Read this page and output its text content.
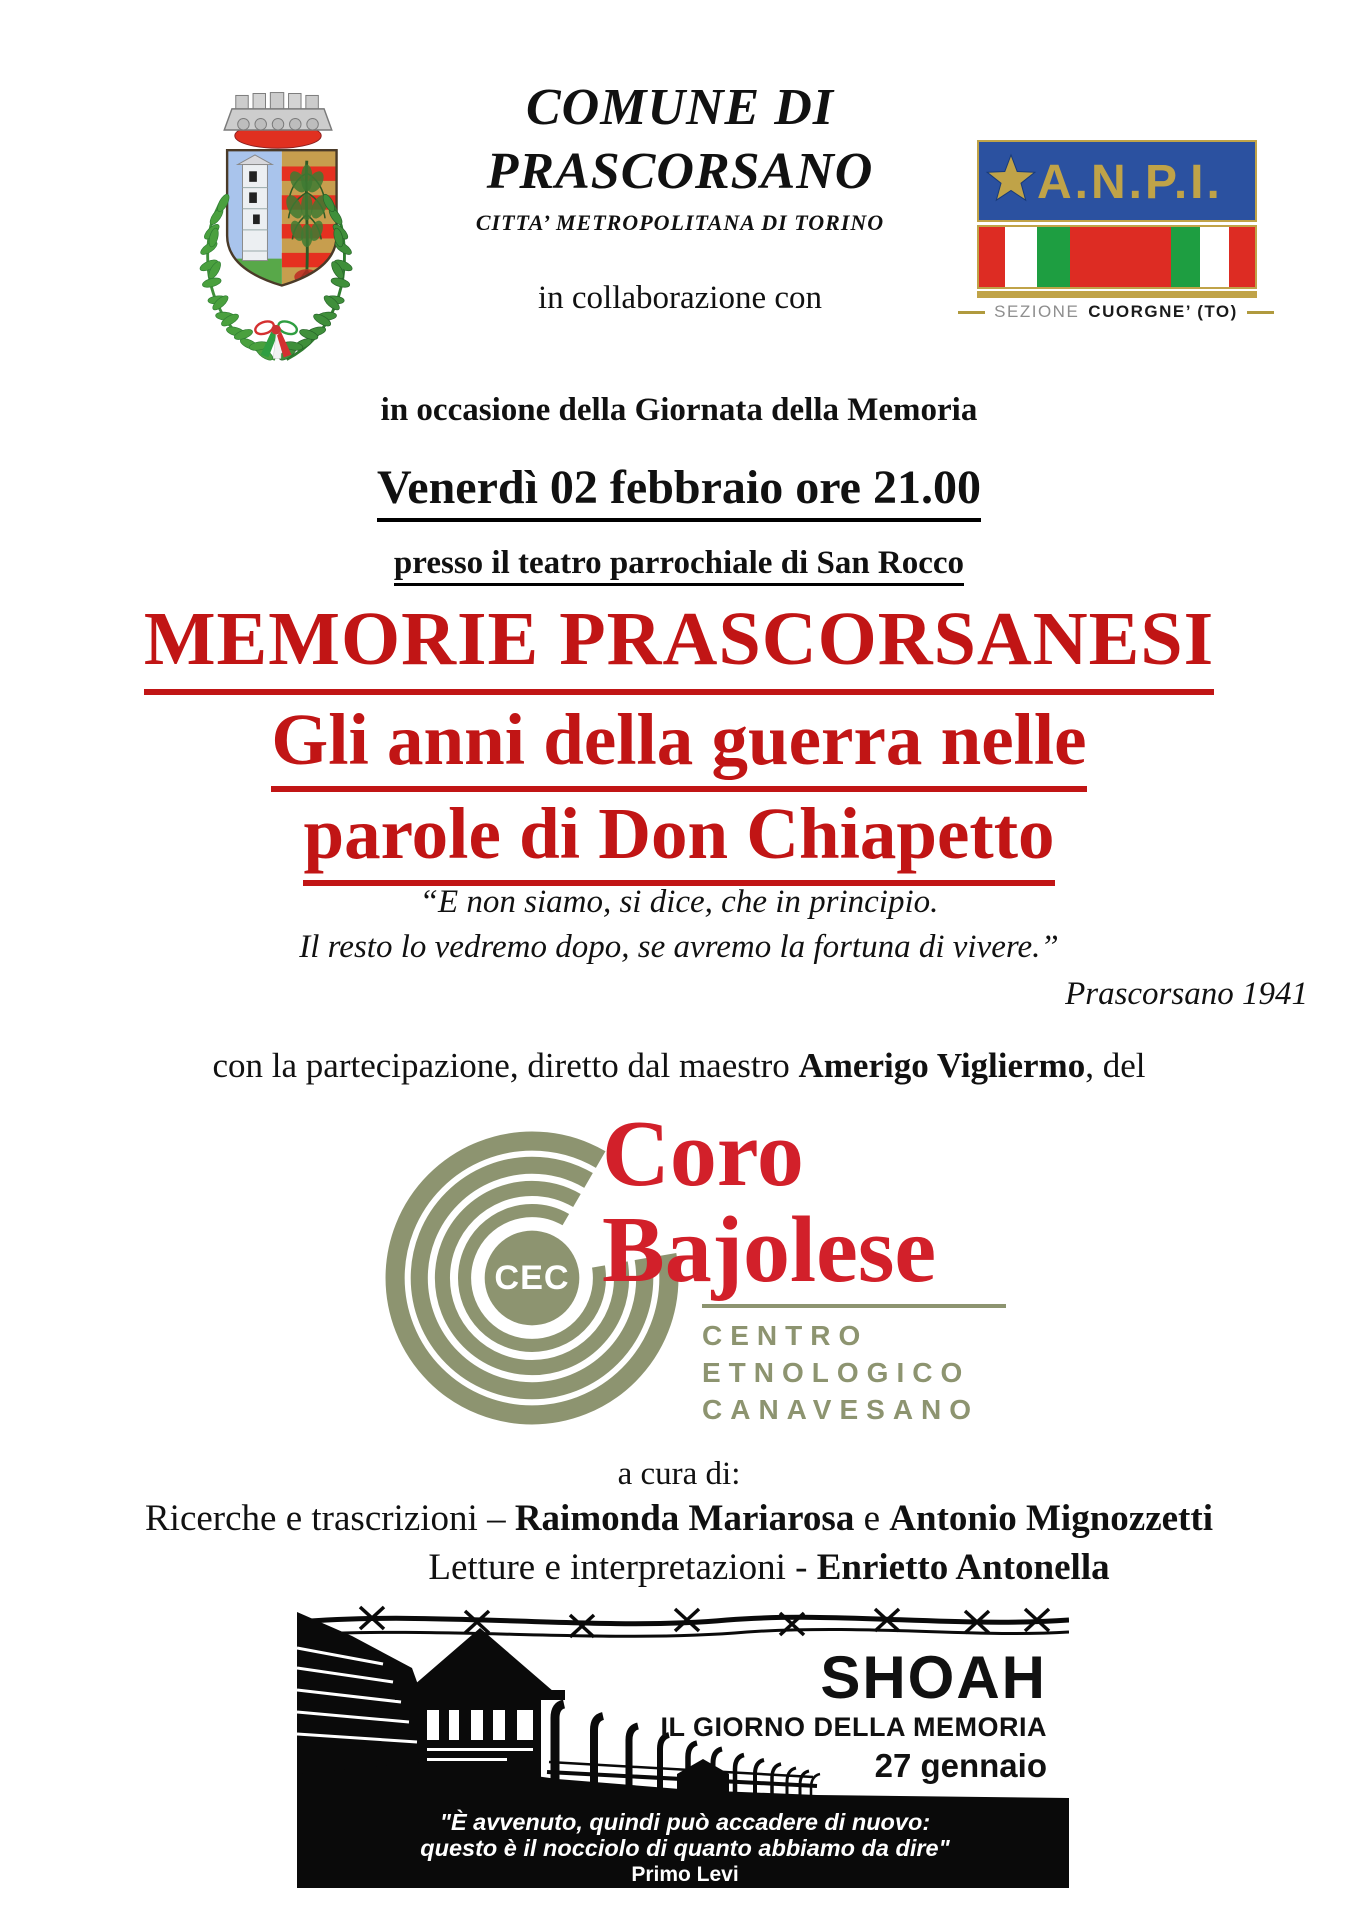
COMUNE DI
PRASCORSANO
CITTA’ METROPOLITANA DI TORINO
in collaborazione con
A.N.P.I.
SEZIONE CUORGNE’ (TO)
in occasione della Giornata della Memoria
Venerdì 02 febbraio ore 21.00
presso il teatro parrochiale di San Rocco
MEMORIE PRASCORSANESI
Gli anni della guerra nelle
parole di Don Chiapetto
“E non siamo, si dice, che in principio.
Il resto lo vedremo dopo, se avremo la fortuna di vivere.”
Prascorsano 1941
con la partecipazione, diretto dal maestro Amerigo Vigliermo, del
CEC
Coro
Bajolese
CENTRO
ETNOLOGICO
CANAVESANO
a cura di:
Ricerche e trascrizioni – Raimonda Mariarosa e Antonio Mignozzetti
Letture e interpretazioni - Enrietto Antonella
SHOAH
IL GIORNO DELLA MEMORIA
27 gennaio
"È avvenuto, quindi può accadere di nuovo:
questo è il nocciolo di quanto abbiamo da dire"
Primo Levi
